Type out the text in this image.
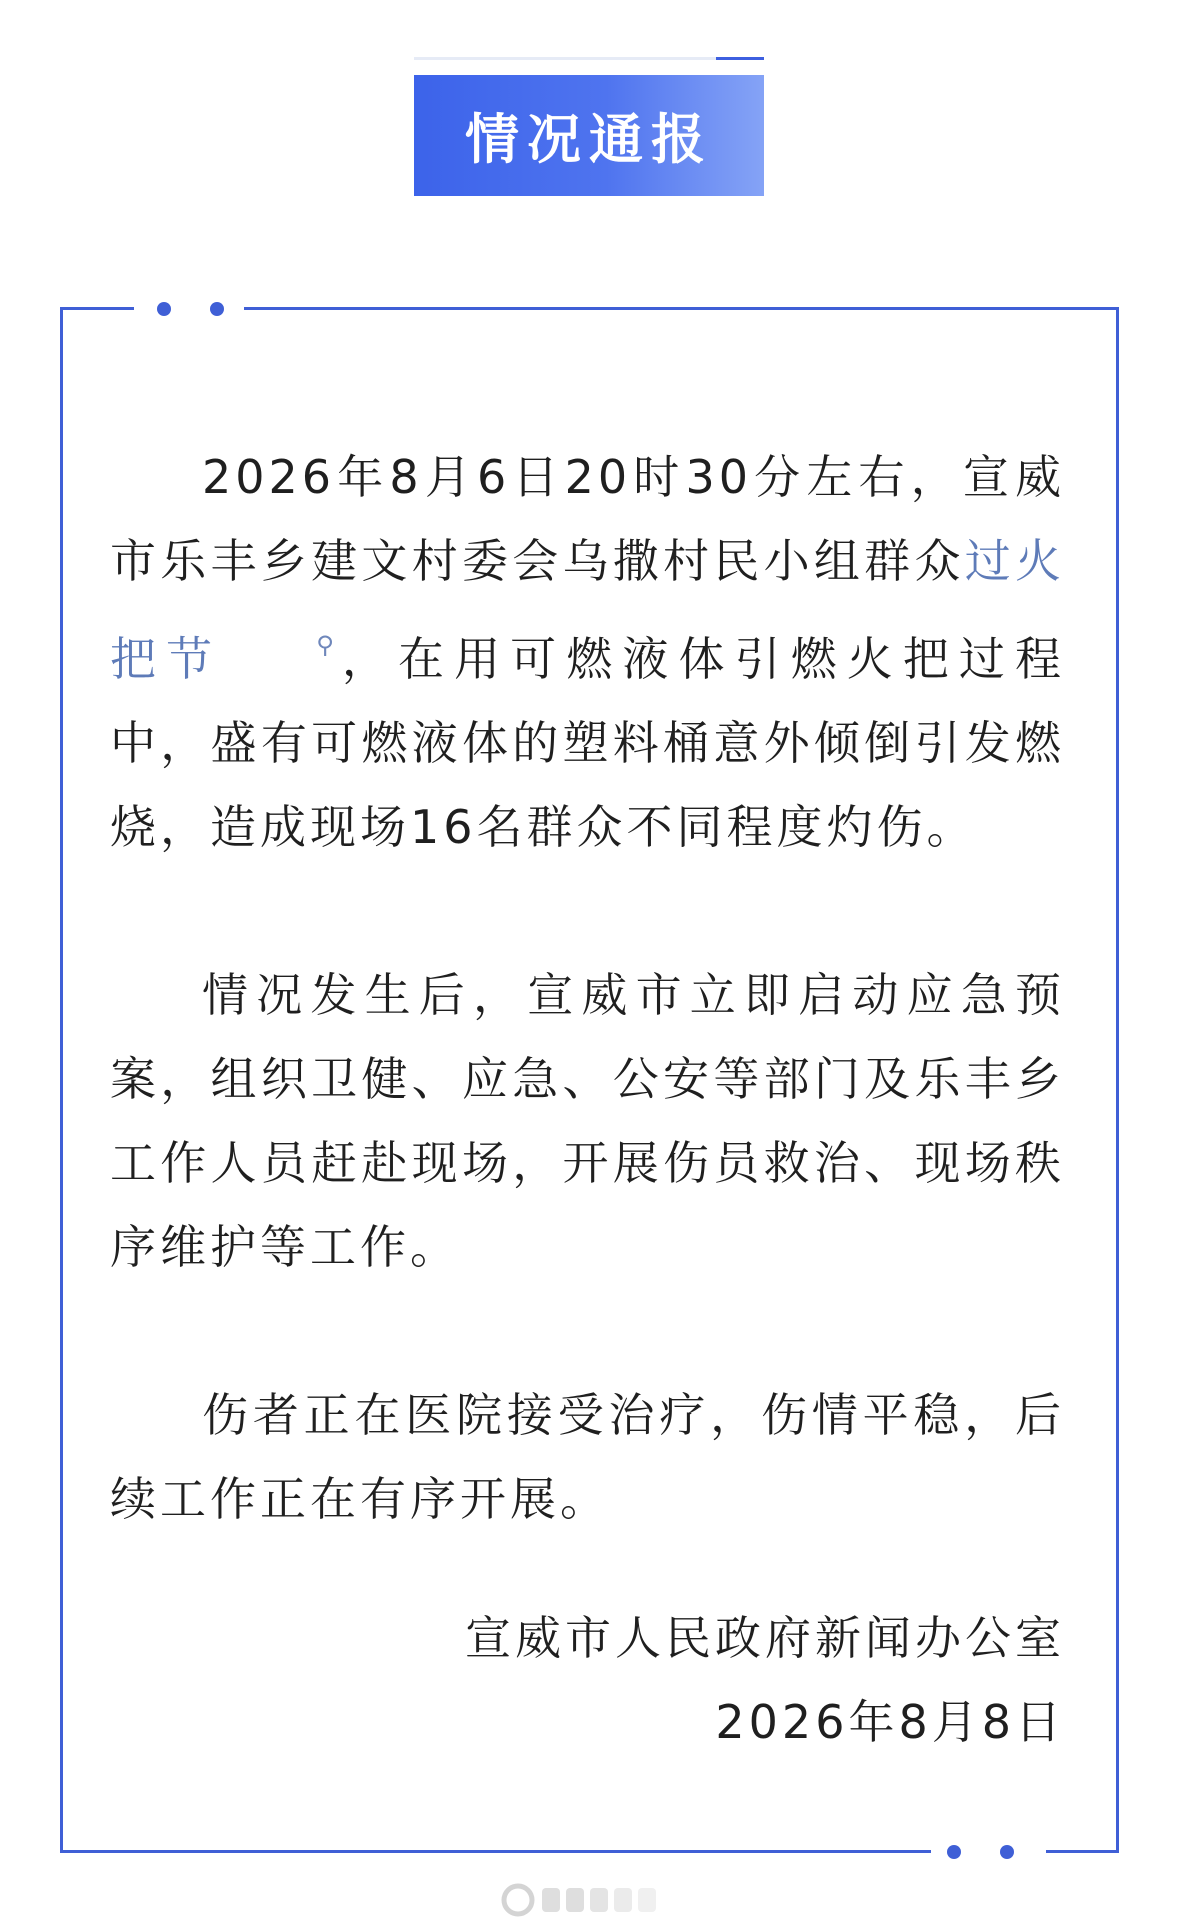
情况通报

2026年8月6日20时30分左右，宣威市乐丰乡建文村委会乌撒村民小组群众过火把节	⚲，在用可燃液体引燃火把过程中，盛有可燃液体的塑料桶意外倾倒引发燃烧，造成现场16名群众不同程度灼伤。

情况发生后，宣威市立即启动应急预案，组织卫健、应急、公安等部门及乐丰乡工作人员赶赴现场，开展伤员救治、现场秩序维护等工作。

伤者正在医院接受治疗，伤情平稳，后续工作正在有序开展。

宣威市人民政府新闻办公室
2026年8月8日
